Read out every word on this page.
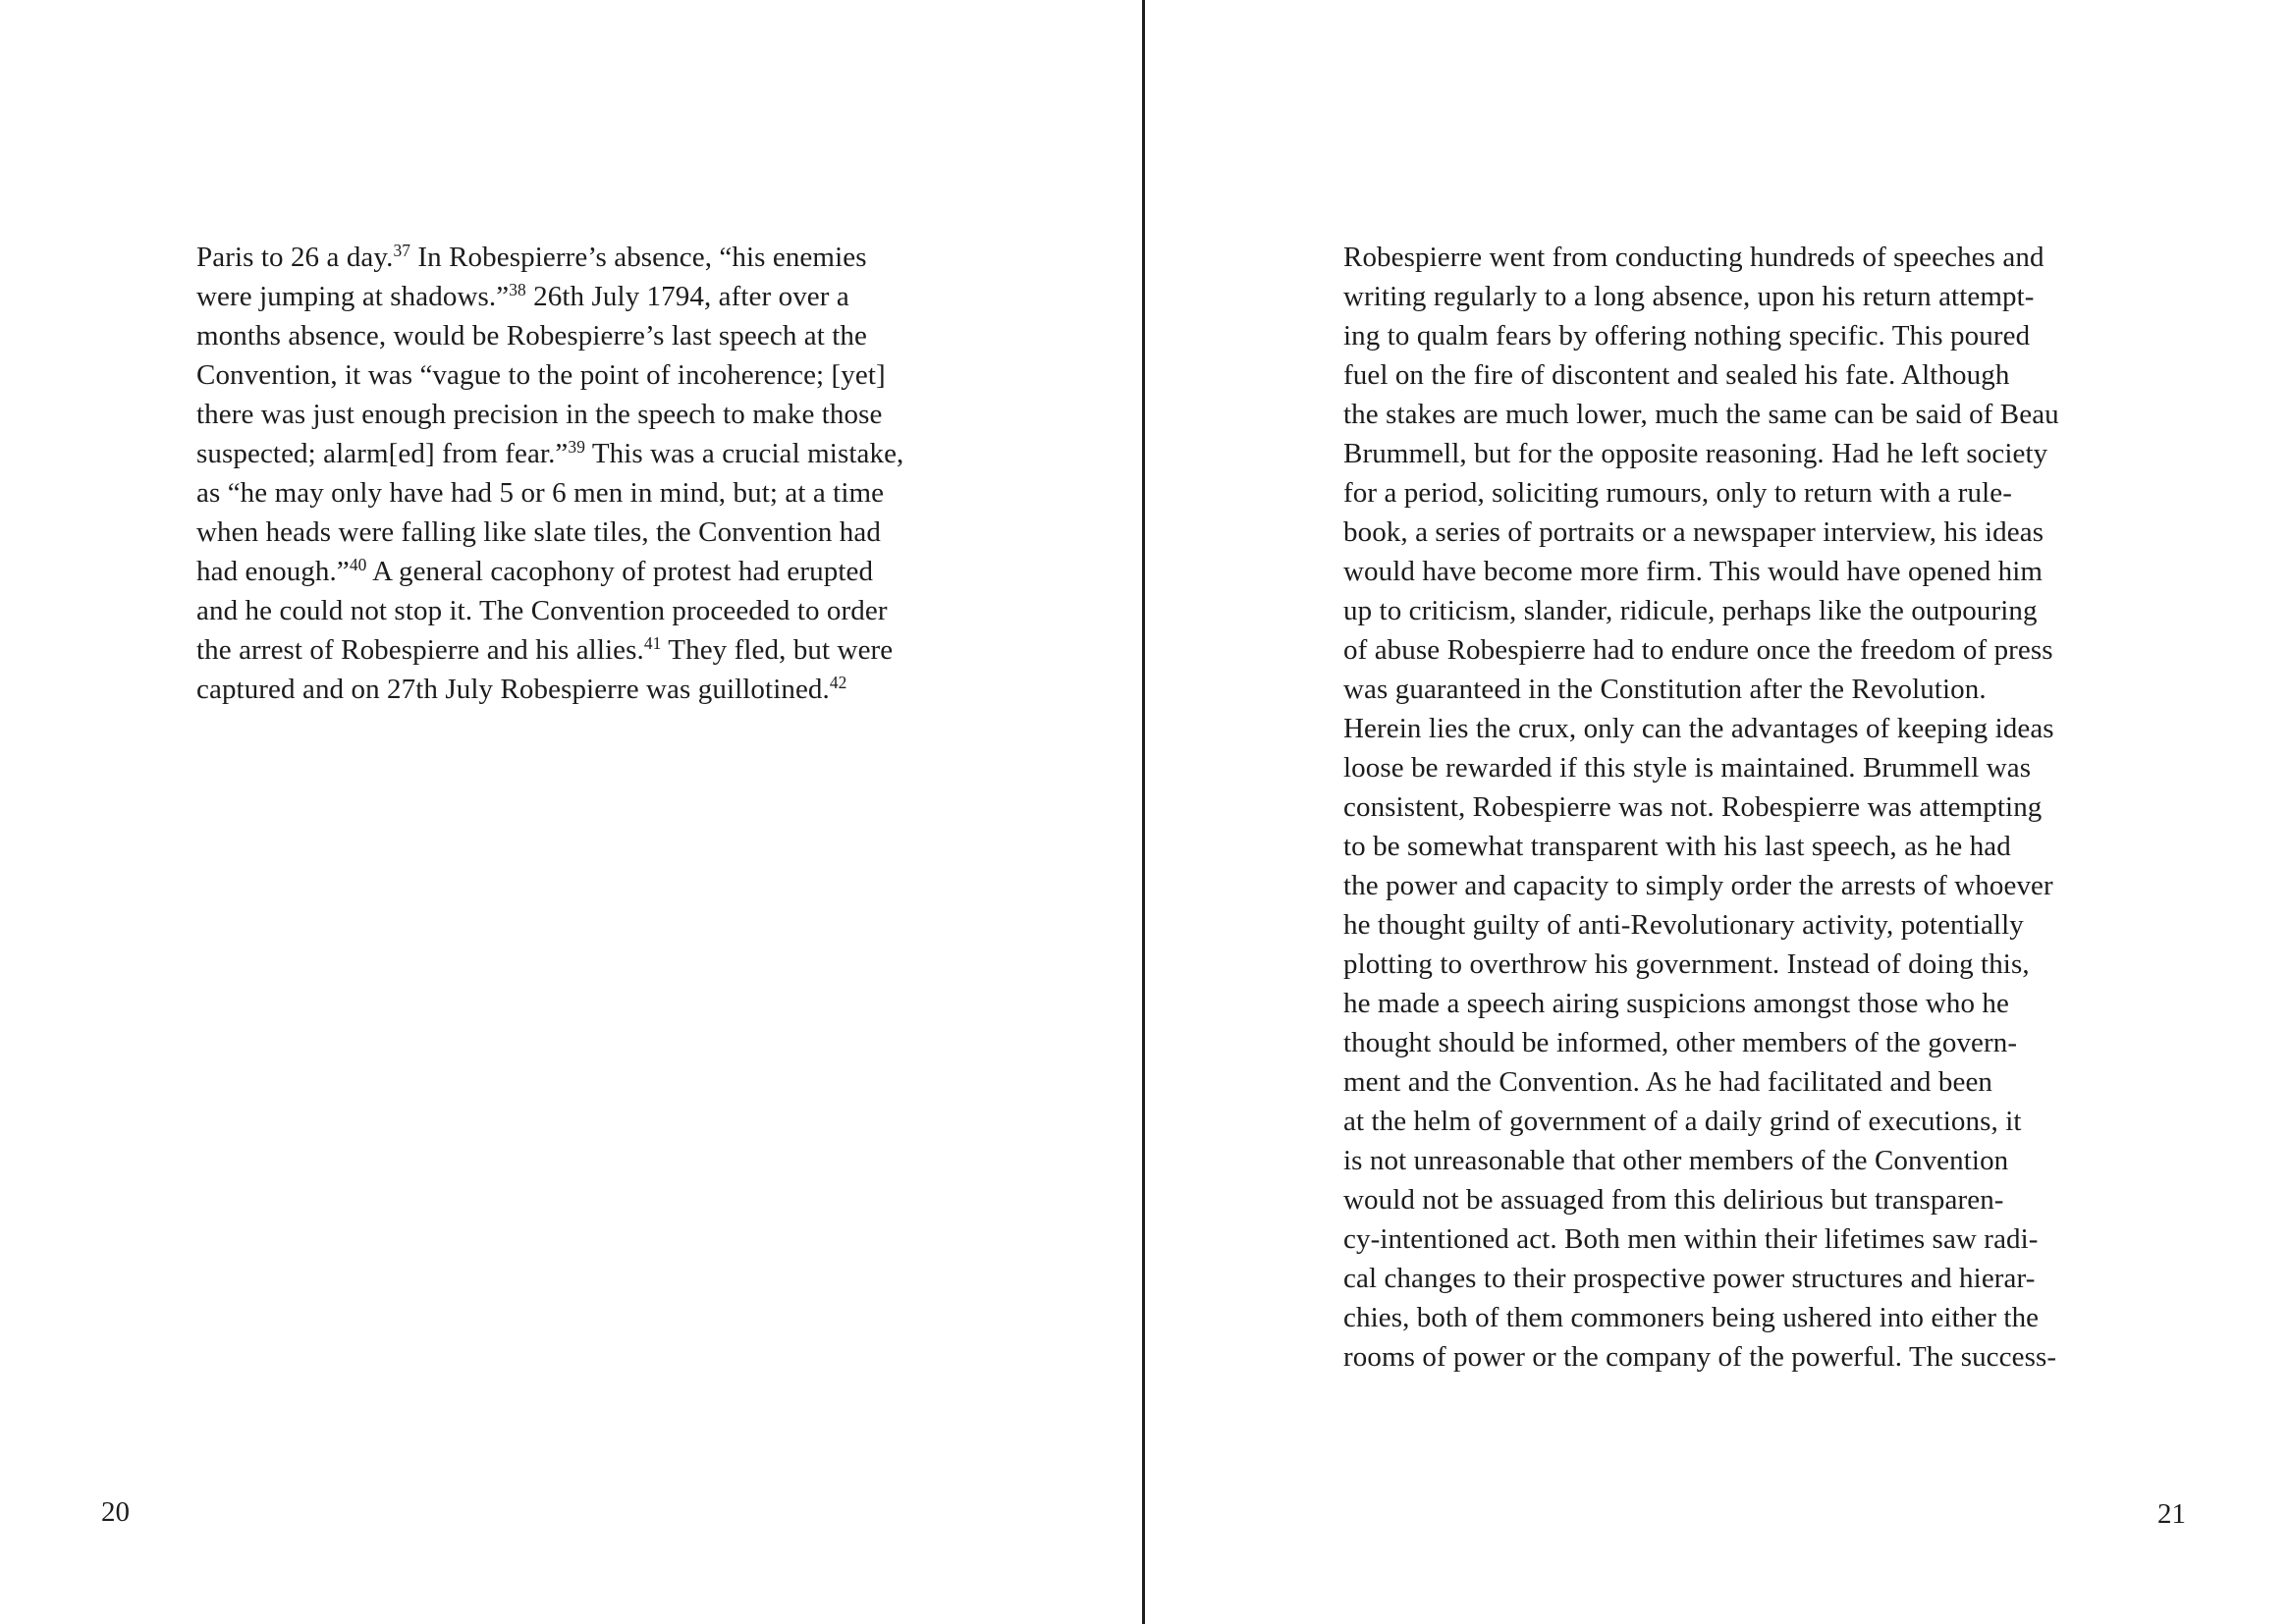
Paris to 26 a day.$^{37}$ In Robespierre’s absence, “his enemies
were jumping at shadows.”$^{38}$ 26th July 1794, after over a
months absence, would be Robespierre’s last speech at the
Convention, it was “vague to the point of incoherence; [yet]
there was just enough precision in the speech to make those
suspected; alarm[ed] from fear.”$^{39}$ This was a crucial mistake,
as “he may only have had 5 or 6 men in mind, but; at a time
when heads were falling like slate tiles, the Convention had
had enough.”$^{40}$ A general cacophony of protest had erupted
and he could not stop it. The Convention proceeded to order
the arrest of Robespierre and his allies.$^{41}$ They fled, but were
captured and on 27th July Robespierre was guillotined.$^{42}$

20

Robespierre went from conducting hundreds of speeches and
writing regularly to a long absence, upon his return attempt-
ing to qualm fears by offering nothing specific. This poured
fuel on the fire of discontent and sealed his fate. Although
the stakes are much lower, much the same can be said of Beau
Brummell, but for the opposite reasoning. Had he left society
for a period, soliciting rumours, only to return with a rule-
book, a series of portraits or a newspaper interview, his ideas
would have become more firm. This would have opened him
up to criticism, slander, ridicule, perhaps like the outpouring
of abuse Robespierre had to endure once the freedom of press
was guaranteed in the Constitution after the Revolution.
Herein lies the crux, only can the advantages of keeping ideas
loose be rewarded if this style is maintained. Brummell was
consistent, Robespierre was not. Robespierre was attempting
to be somewhat transparent with his last speech, as he had
the power and capacity to simply order the arrests of whoever
he thought guilty of anti-Revolutionary activity, potentially
plotting to overthrow his government. Instead of doing this,
he made a speech airing suspicions amongst those who he
thought should be informed, other members of the govern-
ment and the Convention. As he had facilitated and been
at the helm of government of a daily grind of executions, it
is not unreasonable that other members of the Convention
would not be assuaged from this delirious but transparen-
cy-intentioned act. Both men within their lifetimes saw radi-
cal changes to their prospective power structures and hierar-
chies, both of them commoners being ushered into either the
rooms of power or the company of the powerful. The success-

21
